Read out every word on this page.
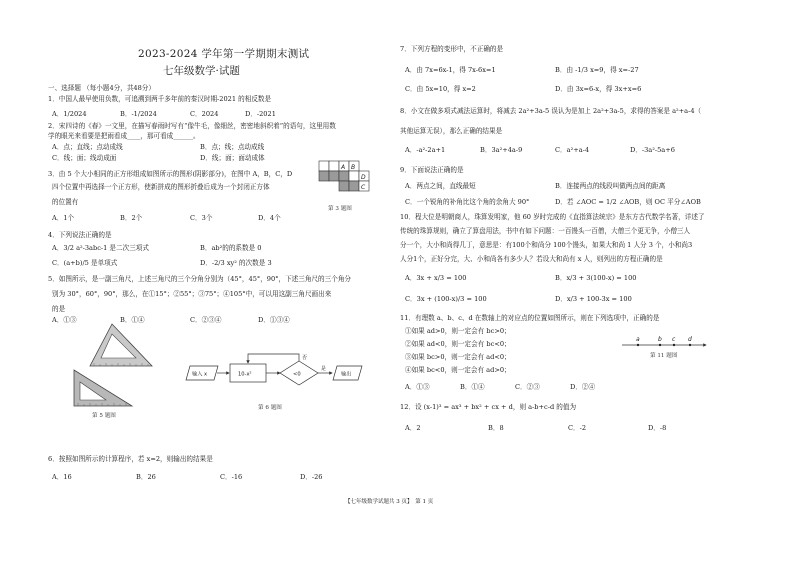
2023-2024 学年第一学期期末测试
七年级数学·试题
一、选择题 （每小题4分，共48分）
1．中国人最早使用负数，可追溯到两千多年前的秦汉时期-2021 的相反数是
A．1/2024	B．-1/2024	C．2024	D．-2021
2．宋四诗的《春》一文里，在描写春雨时写有“像牛毛，像细丝，密密地斜织着”的语句，这里用数
学的眼光来看要是把雨看成____，那可看成______。
A．点；直线；点动成线	B．点；线；点动成线
C．线；面；线动成面	D．线；面；面动成体
3．由 5 个大小相同的正方形组成如图所示的图形(阴影部分)，在图中 A，B，C，D
四个位置中再选择一个正方形，使新拼成的图形折叠后成为一个封闭正方体
的位置有
A．1个	B．2个	C．3个	D．4个
A B
D
C
第 3 题图
4．下列说法正确的是
A．3/2 a²-3abc-1 是二次三项式	B．ab²的的系数是 0
C．(a+b)/5 是单项式	D．-2/3 xy² 的次数是 3
5．如图所示，是一副三角尺，上述三角尺的三个分角分别为（45°，45°，90°，下述三角尺的三个角分
别为 30°，60°，90°，那么，在①15°；②55°；③75°；④105°中，可以用这副三角尺画出来
的是
A．①③	B．①④	C．②③④	D．①③④
第 5 题图
输入 x	10-x²	<0
否
是
输出
第 6 题图
6．按照如图所示的计算程序，若 x=2，则输出的结果是
A．16	B．26	C．-16	D．-26
7．下列方程的变形中，不正确的是
A．由 7x=6x-1，得 7x-6x=1	B．由 -1/3 x=9，得 x=-27
C．由 5x=10，得 x=2	D．由 3x=6-x，得 3x+x=6
8．小文在做多项式减法运算时，将减去 2a²+3a-5 误认为是加上 2a²+3a-5，求得的答案是 a²+a-4（
其他运算无误），那么正确的结果是
A．-a²-2a+1	B．3a²+4a-9	C．a²+a-4	D．-3a²-5a+6
9．下面说法正确的是
A．两点之间，直线最短	B．连接两点的线段叫做两点间的距离
C．一个锐角的补角比这个角的余角大 90°	D．若 ∠AOC = 1/2 ∠AOB，则 OC 平分∠AOB
10．程大位是明朝商人，珠算发明家，他 60 岁时完成的《直指算法统宗》是东方古代数学名著，详述了
传统的珠算规则，确立了算盘用法，书中有如下问题：一百馒头一百僧，大僧三个更无争，小僧三人
分一个，大小和尚得几丁，意思是：有100个和尚分 100个馒头，如果大和尚 1 人分 3 个，小和尚3
人分1个，正好分完，大、小和尚各有多少人？若设大和尚有 x 人，则列出的方程正确的是
A．3x + x/3 = 100	B．x/3 + 3(100-x) = 100
C．3x + (100-x)/3 = 100	D．x/3 + 100-3x = 100
11．有理数 a、b、c、d 在数轴上的对应点的位置如图所示，则在下列选项中，正确的是
①如果 ad>0，则一定会有 bc>0；
②如果 ad<0，则一定会有 bc<0；
③如果 bc>0，则一定会有 ad<0；
④如果 bc<0，则一定会有 ad>0；
A．①③	B．①④	C．②③	D．②④
a	b c d
第 11 题图
12．设 (x-1)³ = ax³ + bx² + cx + d，则 a-b+c-d 的值为
A．2	B．8	C．-2	D．-8
【七年级数学试题共 3 页】　第 1 页
